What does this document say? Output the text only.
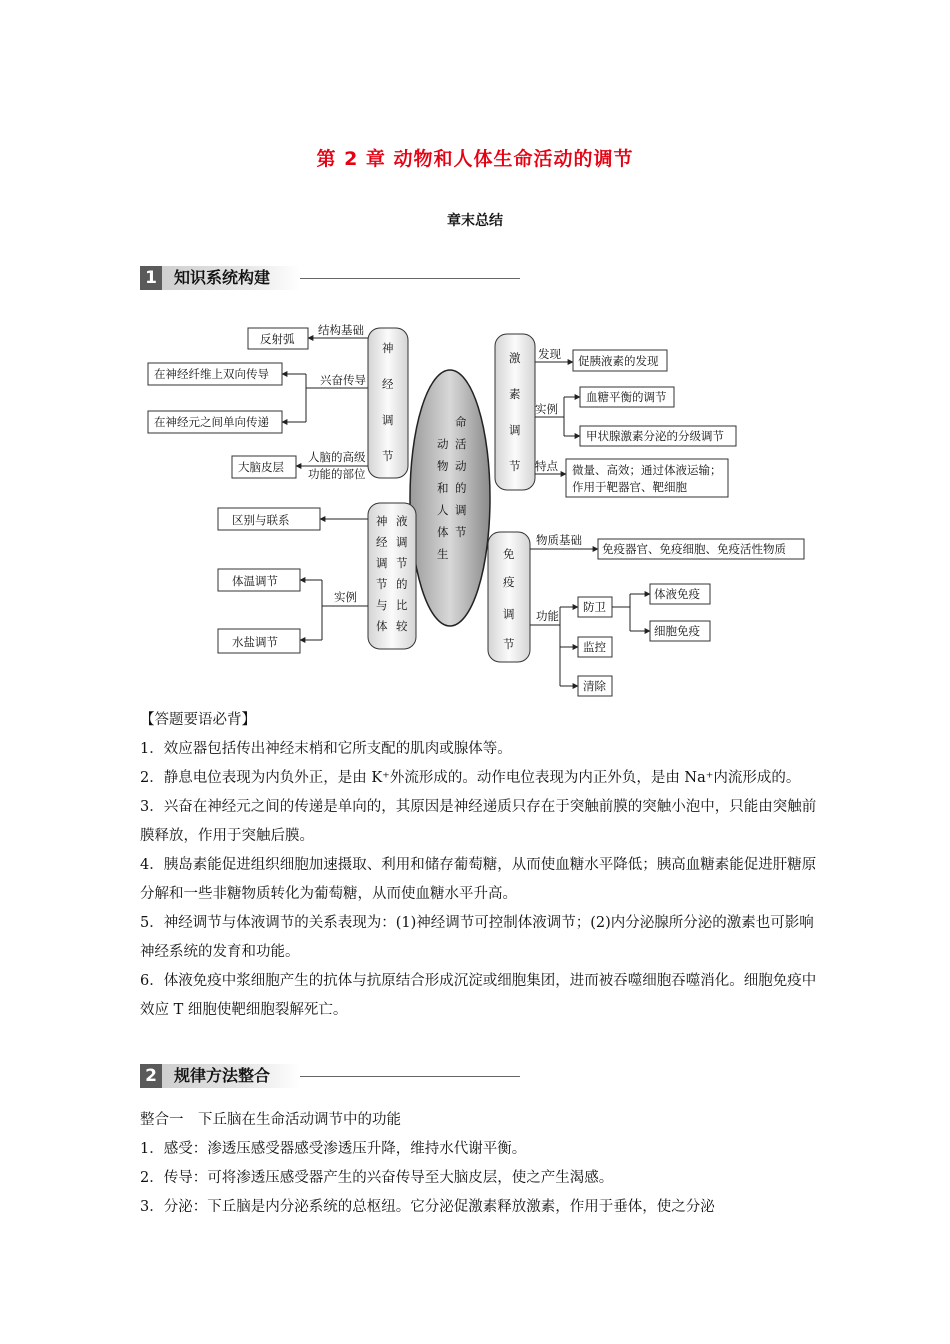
第 2 章 动物和人体生命活动的调节
章末总结
1	知识系统构建
命
活
动
的
调
节
动
物
和
人
体
生
神
经
调
节
结构基础
反射弧
兴奋传导
在神经纤维上双向传导
在神经元之间单向传递
人脑的高级
功能的部位
大脑皮层
激
素
调
节
发现 促胰液素的发现
实例
血糖平衡的调节
甲状腺激素分泌的分级调节
特点 微量、高效；通过体液运输；
作用于靶器官、靶细胞
神 液
经 调
调 节
节 的
与 比
体 较
区别与联系
实例
体温调节
水盐调节
免
疫
调
节
物质基础
免疫器官、免疫细胞、免疫活性物质
功能
防卫
监控
清除
体液免疫
细胞免疫

【答题要语必背】

1．效应器包括传出神经末梢和它所支配的肌肉或腺体等。

2．静息电位表现为内负外正，是由 K⁺外流形成的。动作电位表现为内正外负，是由 Na⁺内流形成的。

3．兴奋在神经元之间的传递是单向的，其原因是神经递质只存在于突触前膜的突触小泡中，只能由突触前膜释放，作用于突触后膜。

4．胰岛素能促进组织细胞加速摄取、利用和储存葡萄糖，从而使血糖水平降低；胰高血糖素能促进肝糖原分解和一些非糖物质转化为葡萄糖，从而使血糖水平升高。

5．神经调节与体液调节的关系表现为：(1)神经调节可控制体液调节；(2)内分泌腺所分泌的激素也可影响神经系统的发育和功能。

6．体液免疫中浆细胞产生的抗体与抗原结合形成沉淀或细胞集团，进而被吞噬细胞吞噬消化。细胞免疫中效应 T 细胞使靶细胞裂解死亡。

2	规律方法整合

整合一　下丘脑在生命活动调节中的功能

1．感受：渗透压感受器感受渗透压升降，维持水代谢平衡。

2．传导：可将渗透压感受器产生的兴奋传导至大脑皮层，使之产生渴感。

3．分泌：下丘脑是内分泌系统的总枢纽。它分泌促激素释放激素，作用于垂体，使之分泌
